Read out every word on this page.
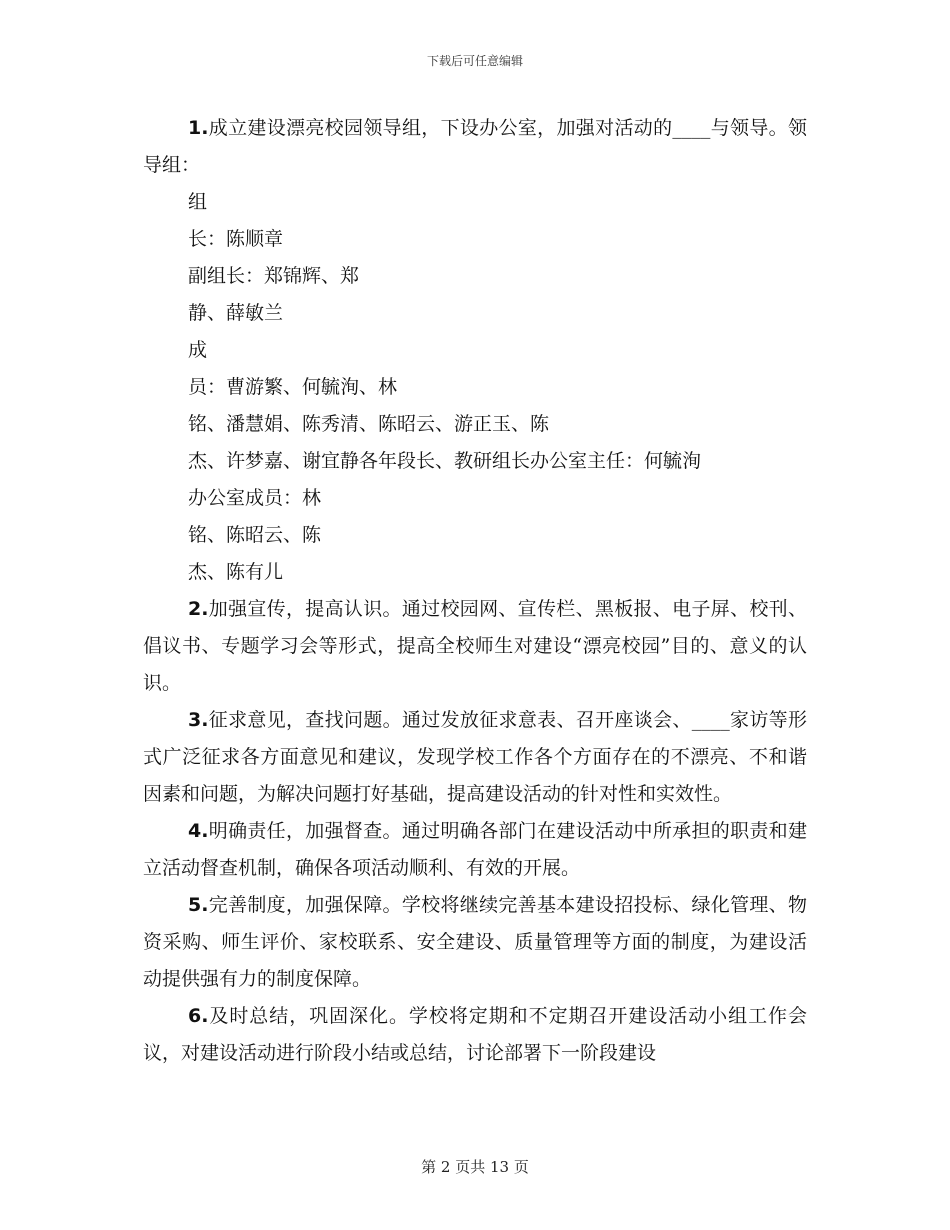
下载后可任意编辑

1.成立建设漂亮校园领导组，下设办公室，加强对活动的____与领导。领导组：

组

长：陈顺章

副组长：郑锦辉、郑

静、薛敏兰

成

员：曹游繁、何毓洵、林

铭、潘慧娟、陈秀清、陈昭云、游正玉、陈

杰、许梦嘉、谢宜静各年段长、教研组长办公室主任：何毓洵

办公室成员：林

铭、陈昭云、陈

杰、陈有儿

2.加强宣传，提高认识。通过校园网、宣传栏、黑板报、电子屏、校刊、倡议书、专题学习会等形式，提高全校师生对建设“漂亮校园”目的、意义的认识。

3.征求意见，查找问题。通过发放征求意表、召开座谈会、____家访等形式广泛征求各方面意见和建议，发现学校工作各个方面存在的不漂亮、不和谐因素和问题，为解决问题打好基础，提高建设活动的针对性和实效性。

4.明确责任，加强督查。通过明确各部门在建设活动中所承担的职责和建立活动督查机制，确保各项活动顺利、有效的开展。

5.完善制度，加强保障。学校将继续完善基本建设招投标、绿化管理、物资采购、师生评价、家校联系、安全建设、质量管理等方面的制度，为建设活动提供强有力的制度保障。

6.及时总结，巩固深化。学校将定期和不定期召开建设活动小组工作会议，对建设活动进行阶段小结或总结，讨论部署下一阶段建设

第 2 页共 13 页
